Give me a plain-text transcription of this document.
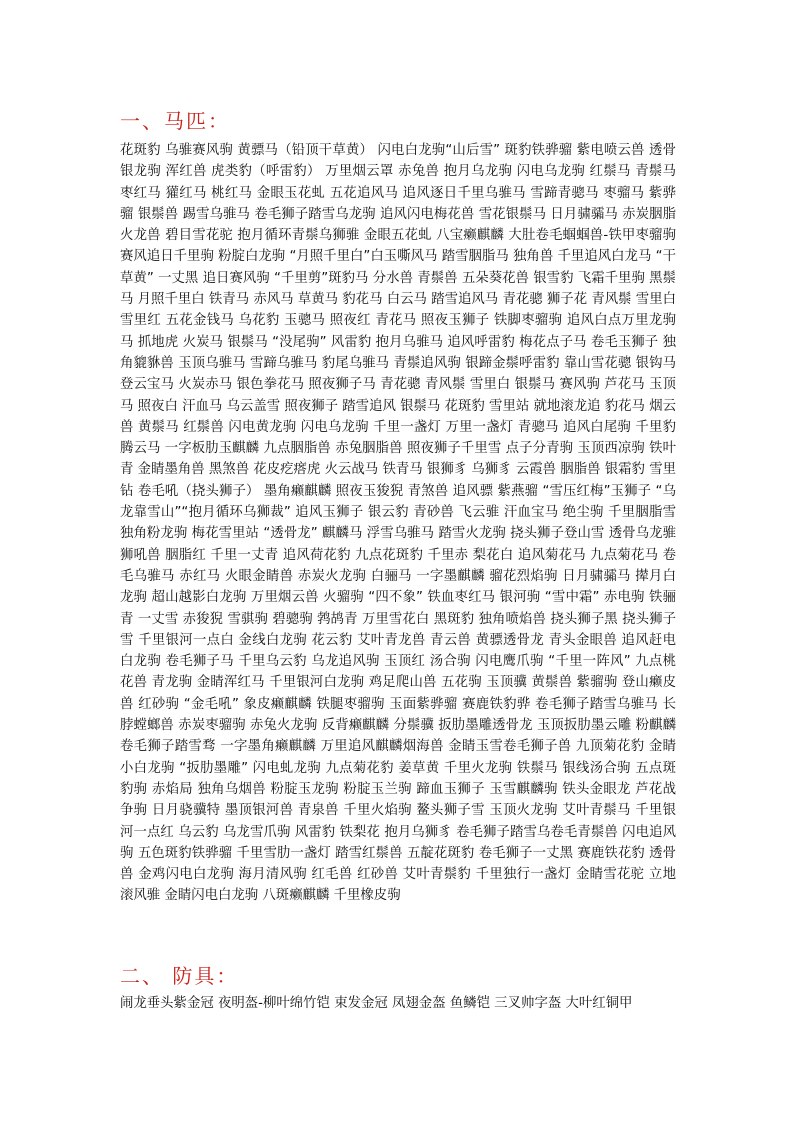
一、马匹：
花斑豹 乌骓赛风驹 黄骠马（铅顶干草黄） 闪电白龙驹“山后雪” 斑豹铁骅骝 紫电喷云兽 透骨银龙驹 浑红兽 虎类豹（呼雷豹） 万里烟云罩 赤兔兽 抱月乌龙驹 闪电乌龙驹 红鬃马 青鬃马 枣红马 獾红马 桃红马 金眼玉花虬 五花追风马 追风逐日千里乌骓马 雪蹄青骢马 枣骝马 紫骅骝 银鬃兽 踢雪乌骓马 卷毛狮子踏雪乌龙驹 追风闪电梅花兽 雪花银鬃马 日月骕骦马 赤炭胭脂火龙兽 碧目雪花驼 抱月循环青鬃乌狮骓 金眼五花虬 八宝癞麒麟 大肚卷毛蝈蝈兽-铁甲枣骝驹 赛风追日千里驹 粉腚白龙驹 “月照千里白”白玉嘶风马 踏雪胭脂马 独角兽 千里追风白龙马 “干草黄” 一丈黑 追日赛风驹 “千里剪”斑豹马 分水兽 青鬃兽 五朵葵花兽 银雪豹 飞霜千里驹 黑鬃马 月照千里白 铁青马 赤风马 草黄马 豹花马 白云马 踏雪追风马 青花骢 狮子花 青风鬃 雪里白 雪里红 五花金钱马 乌花豹 玉骢马 照夜红 青花马 照夜玉狮子 铁脚枣骝驹 追风白点万里龙驹马 抓地虎 火炭马 银鬃马 “没尾驹” 风雷豹 抱月乌骓马 追风呼雷豹 梅花点子马 卷毛玉狮子 独角貔貅兽 玉顶乌骓马 雪蹄乌骓马 豹尾乌骓马 青鬃追风驹 银蹄金鬃呼雷豹 靠山雪花骢 银钩马 登云宝马 火炭赤马 银色拳花马 照夜狮子马 青花骢 青风鬃 雪里白 银鬃马 赛风驹 芦花马 玉顶马 照夜白 汗血马 乌云盖雪 照夜狮子 踏雪追风 银鬃马 花斑豹 雪里站 就地滚龙追 豹花马 烟云兽 黄鬃马 红鬃兽 闪电黄龙驹 闪电乌龙驹 千里一盏灯 万里一盏灯 青骢马 追风白尾驹 千里豹 腾云马 一字板肋玉麒麟 九点胭脂兽 赤兔胭脂兽 照夜狮子千里雪 点子分青驹 玉顶西凉驹 铁叶青 金睛墨角兽 黑煞兽 花皮疙瘩虎 火云战马 铁青马 银狮豸 乌狮豸 云霞兽 胭脂兽 银霜豹 雪里钻 卷毛吼（挠头狮子） 墨角癞麒麟 照夜玉狻猊 青煞兽 追风骠 紫燕骝 “雪压红梅”玉狮子 “乌龙靠雪山”“抱月循环乌狮裁” 追风玉狮子 银云豹 青砂兽 飞云骓 汗血宝马 绝尘驹 千里胭脂雪 独角粉龙驹 梅花雪里站 “透骨龙” 麒麟马 浮雪乌骓马 踏雪火龙驹 挠头狮子登山雪 透骨乌龙骓 狮吼兽 胭脂红 千里一丈青 追风荷花豹 九点花斑豹 千里赤 梨花白 追风菊花马 九点菊花马 卷毛乌骓马 赤红马 火眼金睛兽 赤炭火龙驹 白骊马 一字墨麒麟 骝花烈焰驹 日月骕骦马 撵月白龙驹 超山越影白龙驹 万里烟云兽 火骝驹 “四不象” 铁血枣红马 银河驹 “雪中霜” 赤电驹 铁骊青 一丈雪 赤狻猊 雪骐驹 碧骢驹 鹁鸪青 万里雪花白 黑斑豹 独角喷焰兽 挠头狮子黑 挠头狮子雪 千里银河一点白 金线白龙驹 花云豹 艾叶青龙兽 青云兽 黄骠透骨龙 青头金眼兽 追风赶电白龙驹 卷毛狮子马 千里乌云豹 乌龙追风驹 玉顶红 汤合驹 闪电鹰爪驹 “千里一阵风” 九点桃花兽 青龙驹 金睛浑红马 千里银河白龙驹 鸡足爬山兽 五花驹 玉顶骥 黄鬃兽 紫骝驹 登山癞皮兽 红砂驹 “金毛吼” 象皮癞麒麟 铁腿枣骝驹 玉面紫骅骝 赛鹿铁豹骅 卷毛狮子踏雪乌骓马 长脖螳螂兽 赤炭枣骝驹 赤兔火龙驹 反背癞麒麟 分鬃骥 扳肋墨雕透骨龙 玉顶扳肋墨云雕 粉麒麟 卷毛狮子踏雪骛 一字墨角癞麒麟 万里追风麒麟烟海兽 金睛玉雪卷毛狮子兽 九顶菊花豹 金睛小白龙驹 “扳肋墨雕” 闪电虬龙驹 九点菊花豹 姜草黄 千里火龙驹 铁鬃马 银线汤合驹 五点斑豹驹 赤焰局 独角乌烟兽 粉腚玉龙驹 粉腚玉兰驹 蹄血玉狮子 玉雪麒麟驹 铁头金眼龙 芦花战争驹 日月骁骥特 墨顶银河兽 青泉兽 千里火焰驹 鳌头狮子雪 玉顶火龙驹 艾叶青鬃马 千里银河一点红 乌云豹 乌龙雪爪驹 风雷豹 铁梨花 抱月乌狮豸 卷毛狮子踏雪乌卷毛青鬃兽 闪电追风驹 五色斑豹铁骅骝 千里雪肋一盏灯 踏雪红鬃兽 五靛花斑豹 卷毛狮子一丈黑 赛鹿铁花豹 透骨兽 金鸡闪电白龙驹 海月清风驹 红毛兽 红砂兽 艾叶青鬃豹 千里独行一盏灯 金睛雪花驼 立地滚风骓 金睛闪电白龙驹 八斑癞麒麟 千里橡皮驹
二、 防具：
闹龙垂头紫金冠 夜明盔-柳叶绵竹铠 束发金冠 凤翅金盔 鱼鳞铠 三叉帅字盔 大叶红铜甲
